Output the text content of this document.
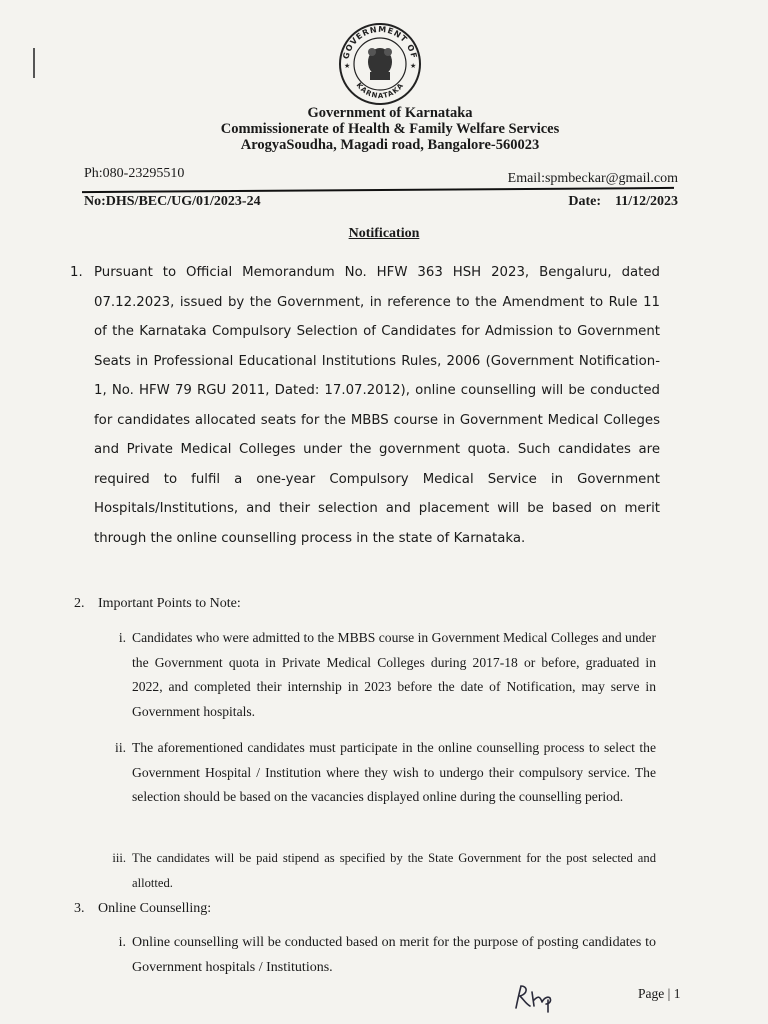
GOVERNMENT OF
KARNATAKA
★	★
Government of Karnataka
Commissionerate of Health & Family Welfare Services
ArogyaSoudha, Magadi road, Bangalore-560023
Ph:080-23295510	Email:spmbeckar@gmail.com
No:DHS/BEC/UG/01/2023-24	Date:    11/12/2023
Notification
1. Pursuant to Official Memorandum No. HFW 363 HSH 2023, Bengaluru, dated 07.12.2023, issued by the Government, in reference to the Amendment to Rule 11 of the Karnataka Compulsory Selection of Candidates for Admission to Government Seats in Professional Educational Institutions Rules, 2006 (Government Notification-1, No. HFW 79 RGU 2011, Dated: 17.07.2012), online counselling will be conducted for candidates allocated seats for the MBBS course in Government Medical Colleges and Private Medical Colleges under the government quota. Such candidates are required to fulfil a one-year Compulsory Medical Service in Government Hospitals/Institutions, and their selection and placement will be based on merit through the online counselling process in the state of Karnataka.
2. Important Points to Note:
i. Candidates who were admitted to the MBBS course in Government Medical Colleges and under the Government quota in Private Medical Colleges during 2017-18 or before, graduated in 2022, and completed their internship in 2023 before the date of Notification, may serve in Government hospitals.
ii. The aforementioned candidates must participate in the online counselling process to select the Government Hospital / Institution where they wish to undergo their compulsory service. The selection should be based on the vacancies displayed online during the counselling period.
iii. The candidates will be paid stipend as specified by the State Government for the post selected and allotted.
3. Online Counselling:
i. Online counselling will be conducted based on merit for the purpose of posting candidates to Government hospitals / Institutions.
Page | 1
